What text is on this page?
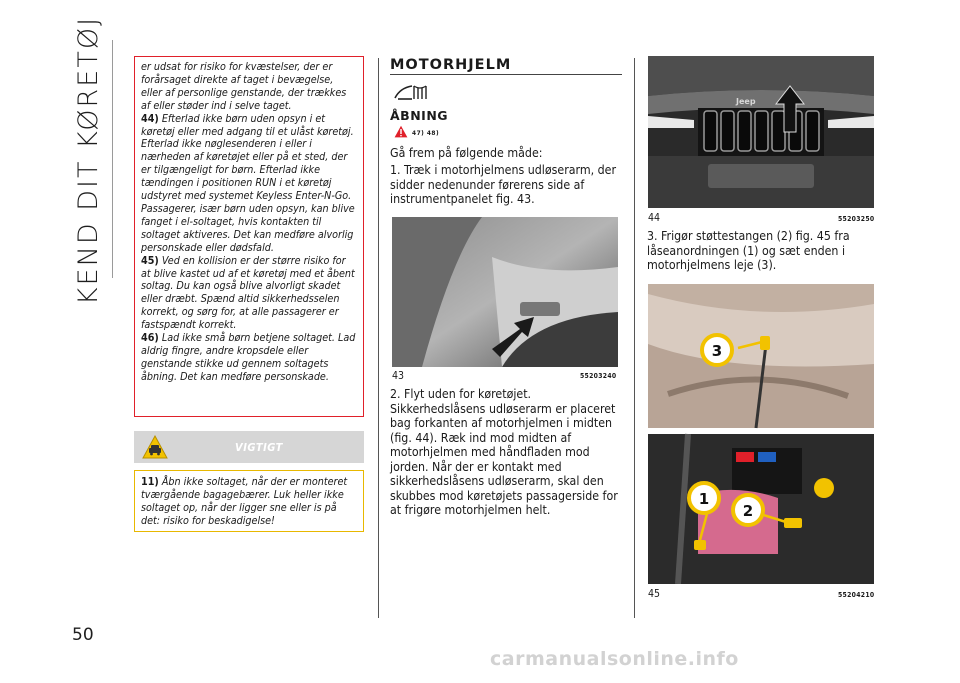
KEND DIT KØRETØJ
50

er udsat for risiko for kvæstelser, der er forårsaget direkte af taget i bevægelse, eller af personlige genstande, der trækkes af eller støder ind i selve taget.

44) Efterlad ikke børn uden opsyn i et køretøj eller med adgang til et ulåst køretøj. Efterlad ikke nøglesenderen i eller i nærheden af køretøjet eller på et sted, der er tilgængeligt for børn. Efterlad ikke tændingen i positionen RUN i et køretøj udstyret med systemet Keyless Enter-N-Go. Passagerer, især børn uden opsyn, kan blive fanget i el-soltaget, hvis kontakten til soltaget aktiveres. Det kan medføre alvorlig personskade eller dødsfald.

45) Ved en kollision er der større risiko for at blive kastet ud af et køretøj med et åbent soltag. Du kan også blive alvorligt skadet eller dræbt. Spænd altid sikkerhedsselen korrekt, og sørg for, at alle passagerer er fastspændt korrekt.

46) Lad ikke små børn betjene soltaget. Lad aldrig fingre, andre kropsdele eller genstande stikke ud gennem soltagets åbning. Det kan medføre personskade.

VIGTIGT
11) Åbn ikke soltaget, når der er monteret tværgående bagagebærer. Luk heller ikke soltaget op, når der ligger sne eller is på det: risiko for beskadigelse!
MOTORHJELM
ÅBNING
47) 48)
Gå frem på følgende måde:
1. Træk i motorhjelmens udløserarm, der sidder nedenunder førerens side af instrumentpanelet fig. 43.
43	55203240
2. Flyt uden for køretøjet. Sikkerhedslåsens udløserarm er placeret bag forkanten af motorhjelmen i midten (fig. 44). Ræk ind mod midten af motorhjelmen med håndfladen mod jorden. Når der er kontakt med sikkerhedslåsens udløserarm, skal den skubbes mod køretøjets passagerside for at frigøre motorhjelmen helt.
Jeep
44	55203250
3. Frigør støttestangen (2) fig. 45 fra låseanordningen (1) og sæt enden i motorhjelmens leje (3).
3
1
2
45	55204210
carmanualsonline.info
